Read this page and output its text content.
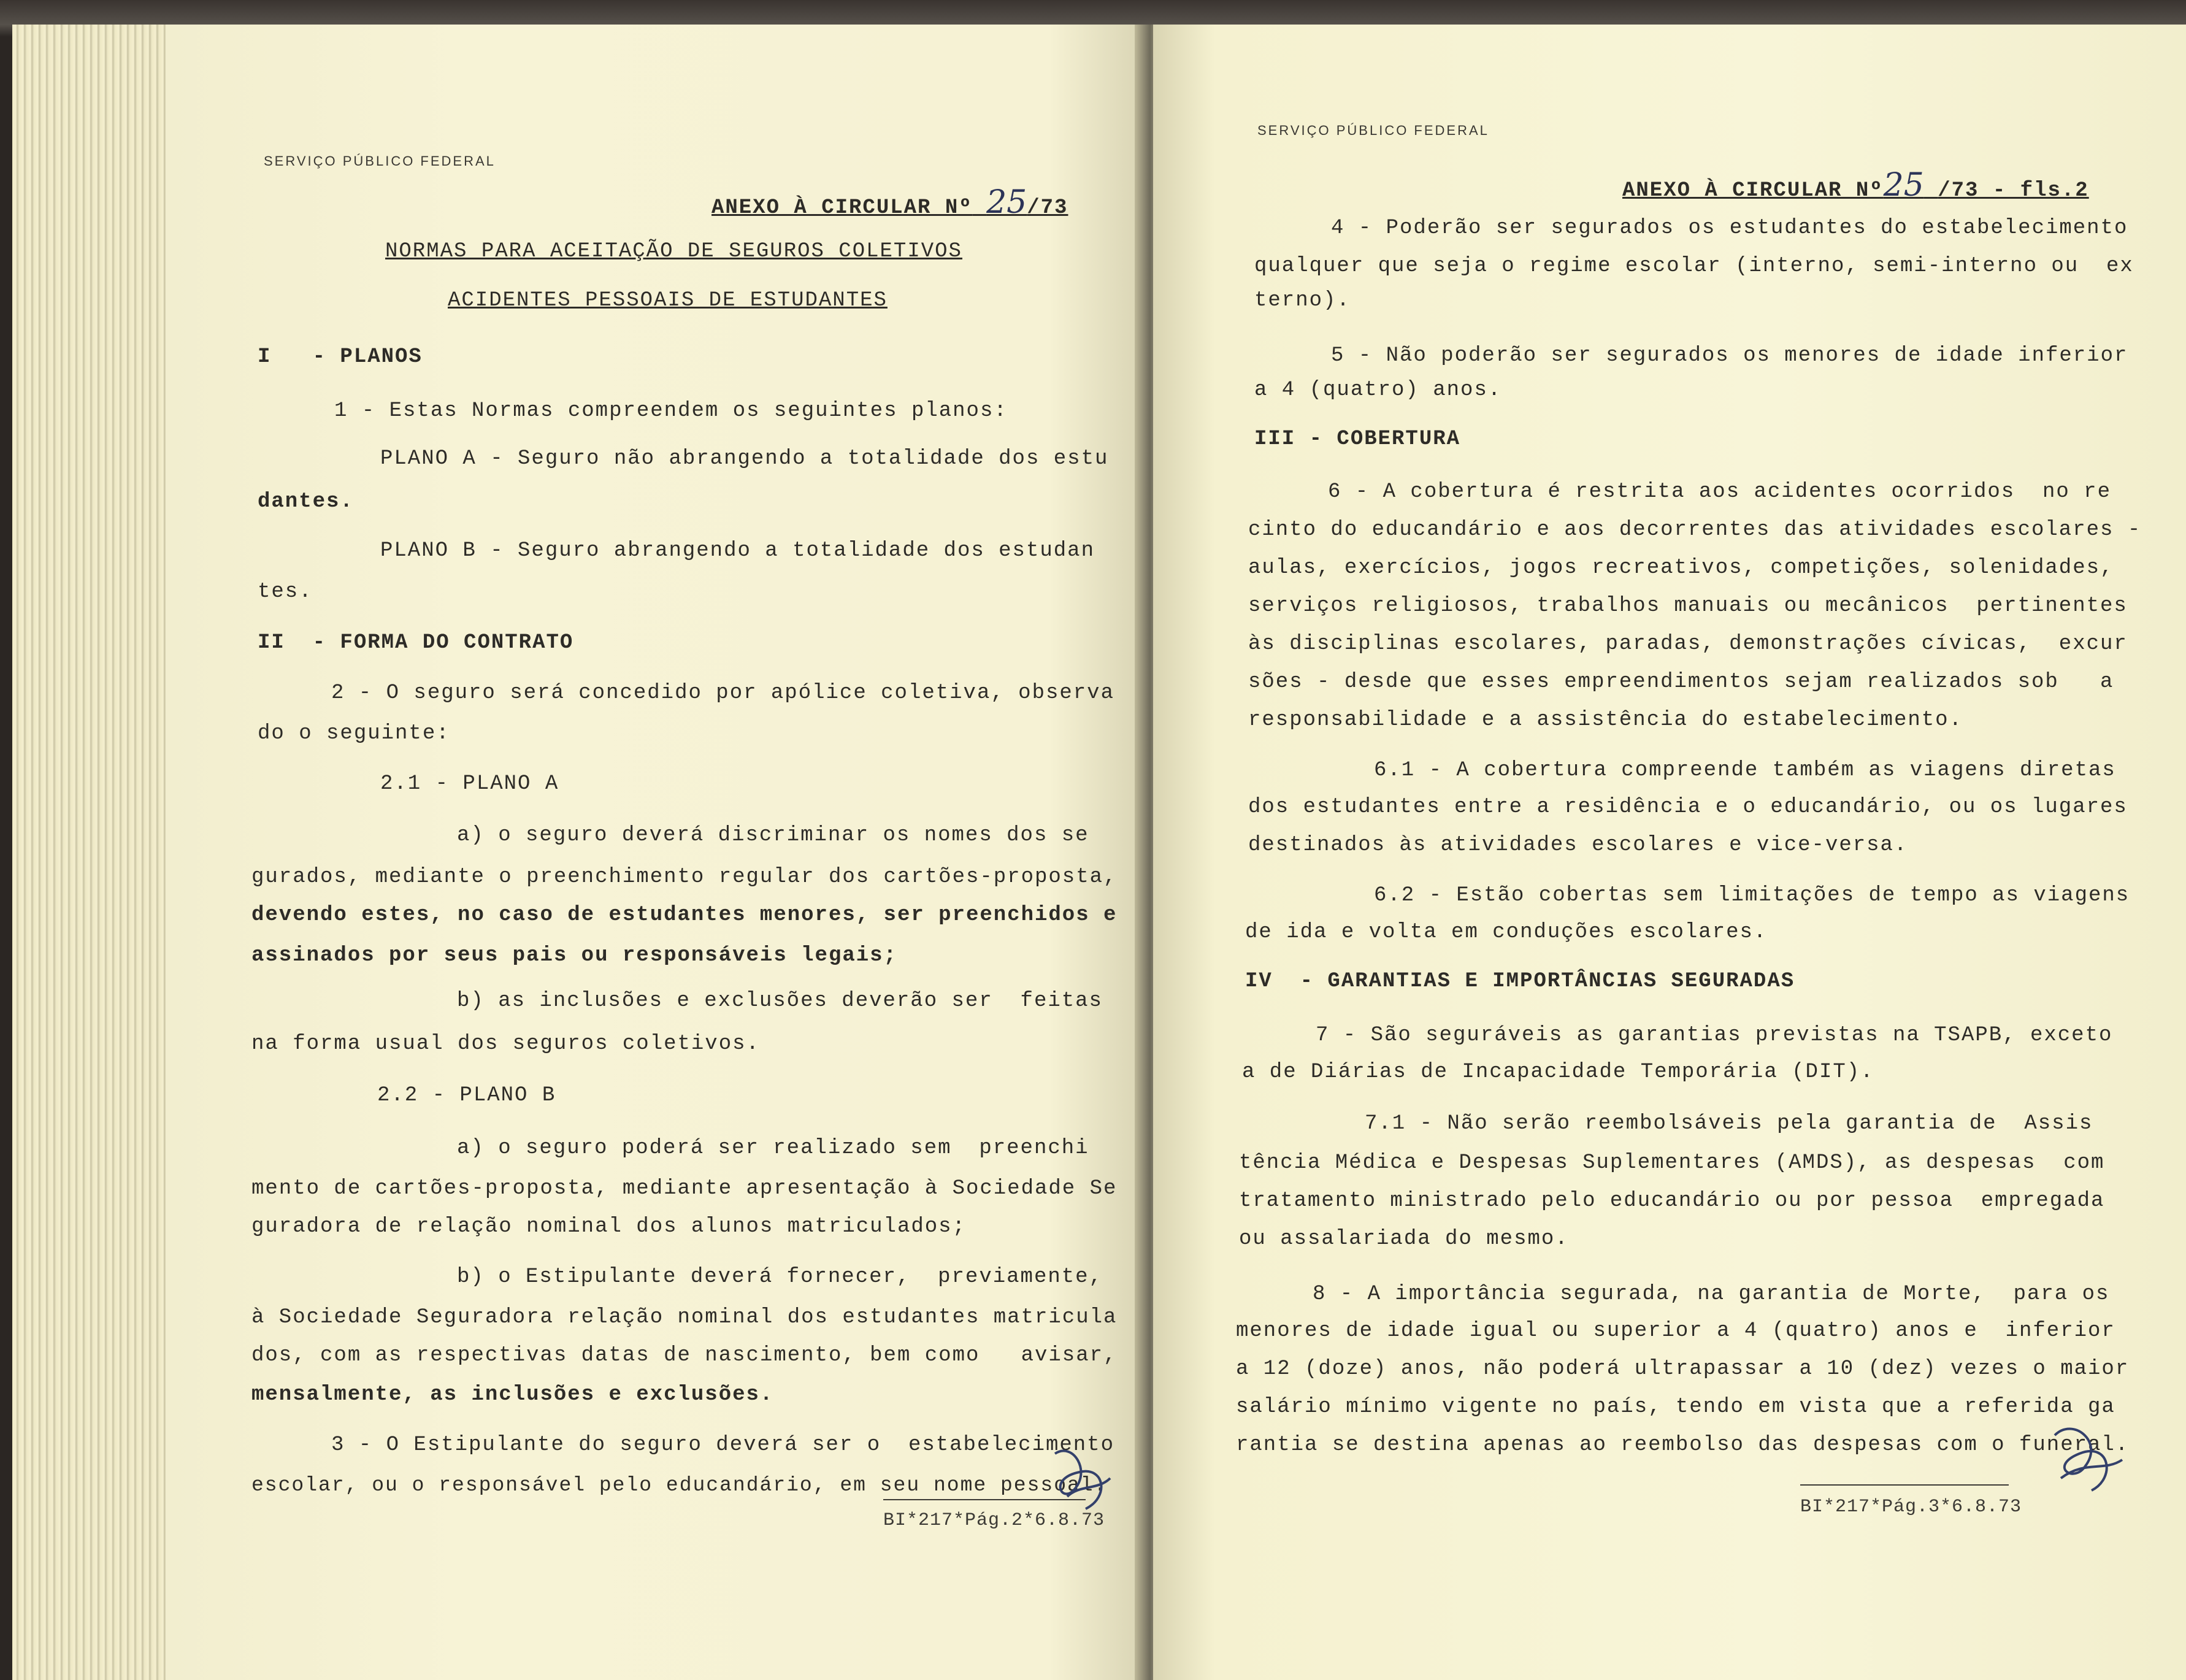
SERVIÇO PÚBLICO FEDERAL
ANEXO À CIRCULAR Nº 25/73
NORMAS PARA ACEITAÇÃO DE SEGUROS COLETIVOS
ACIDENTES PESSOAIS DE ESTUDANTES
I   - PLANOS
1 - Estas Normas compreendem os seguintes planos:
PLANO A - Seguro não abrangendo a totalidade dos estu
dantes.
PLANO B - Seguro abrangendo a totalidade dos estudan
tes.
II  - FORMA DO CONTRATO
2 - O seguro será concedido por apólice coletiva, observa
do o seguinte:
2.1 - PLANO A
a) o seguro deverá discriminar os nomes dos se
gurados, mediante o preenchimento regular dos cartões-proposta,
devendo estes, no caso de estudantes menores, ser preenchidos e
assinados por seus pais ou responsáveis legais;
b) as inclusões e exclusões deverão ser  feitas
na forma usual dos seguros coletivos.
2.2 - PLANO B
a) o seguro poderá ser realizado sem  preenchi
mento de cartões-proposta, mediante apresentação à Sociedade Se
guradora de relação nominal dos alunos matriculados;
b) o Estipulante deverá fornecer,  previamente,
à Sociedade Seguradora relação nominal dos estudantes matricula
dos, com as respectivas datas de nascimento, bem como   avisar,
mensalmente, as inclusões e exclusões.
3 - O Estipulante do seguro deverá ser o  estabelecimento
escolar, ou o responsável pelo educandário, em seu nome pessoal.
BI*217*Pág.2*6.8.73
SERVIÇO PÚBLICO FEDERAL
ANEXO À CIRCULAR Nº25 /73 - fls.2
4 - Poderão ser segurados os estudantes do estabelecimento
qualquer que seja o regime escolar (interno, semi-interno ou  ex
terno).
5 - Não poderão ser segurados os menores de idade inferior
a 4 (quatro) anos.
III - COBERTURA
6 - A cobertura é restrita aos acidentes ocorridos  no re
cinto do educandário e aos decorrentes das atividades escolares -
aulas, exercícios, jogos recreativos, competições, solenidades,
serviços religiosos, trabalhos manuais ou mecânicos  pertinentes
às disciplinas escolares, paradas, demonstrações cívicas,  excur
sões - desde que esses empreendimentos sejam realizados sob   a
responsabilidade e a assistência do estabelecimento.
6.1 - A cobertura compreende também as viagens diretas
dos estudantes entre a residência e o educandário, ou os lugares
destinados às atividades escolares e vice-versa.
6.2 - Estão cobertas sem limitações de tempo as viagens
de ida e volta em conduções escolares.
IV  - GARANTIAS E IMPORTÂNCIAS SEGURADAS
7 - São seguráveis as garantias previstas na TSAPB, exceto
a de Diárias de Incapacidade Temporária (DIT).
7.1 - Não serão reembolsáveis pela garantia de  Assis
tência Médica e Despesas Suplementares (AMDS), as despesas  com
tratamento ministrado pelo educandário ou por pessoa  empregada
ou assalariada do mesmo.
8 - A importância segurada, na garantia de Morte,  para os
menores de idade igual ou superior a 4 (quatro) anos e  inferior
a 12 (doze) anos, não poderá ultrapassar a 10 (dez) vezes o maior
salário mínimo vigente no país, tendo em vista que a referida ga
rantia se destina apenas ao reembolso das despesas com o funeral.
BI*217*Pág.3*6.8.73
